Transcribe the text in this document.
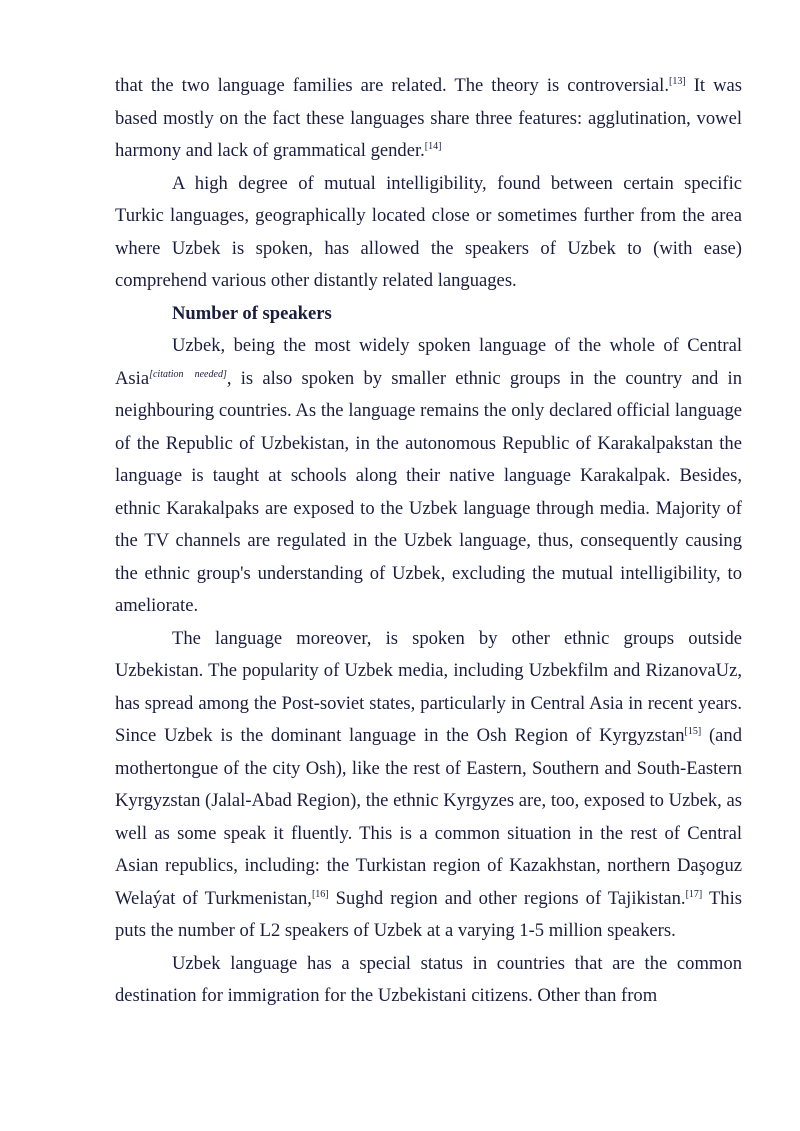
that the two language families are related. The theory is controversial.[13] It was based mostly on the fact these languages share three features: agglutination, vowel harmony and lack of grammatical gender.[14]

A high degree of mutual intelligibility, found between certain specific Turkic languages, geographically located close or sometimes further from the area where Uzbek is spoken, has allowed the speakers of Uzbek to (with ease) comprehend various other distantly related languages.

Number of speakers

Uzbek, being the most widely spoken language of the whole of Central Asia[citation needed], is also spoken by smaller ethnic groups in the country and in neighbouring countries. As the language remains the only declared official language of the Republic of Uzbekistan, in the autonomous Republic of Karakalpakstan the language is taught at schools along their native language Karakalpak. Besides, ethnic Karakalpaks are exposed to the Uzbek language through media. Majority of the TV channels are regulated in the Uzbek language, thus, consequently causing the ethnic group's understanding of Uzbek, excluding the mutual intelligibility, to ameliorate.

The language moreover, is spoken by other ethnic groups outside Uzbekistan. The popularity of Uzbek media, including Uzbekfilm and RizanovaUz, has spread among the Post-soviet states, particularly in Central Asia in recent years. Since Uzbek is the dominant language in the Osh Region of Kyrgyzstan[15] (and mothertongue of the city Osh), like the rest of Eastern, Southern and South-Eastern Kyrgyzstan (Jalal-Abad Region), the ethnic Kyrgyzes are, too, exposed to Uzbek, as well as some speak it fluently. This is a common situation in the rest of Central Asian republics, including: the Turkistan region of Kazakhstan, northern Daşoguz Welaýat of Turkmenistan,[16] Sughd region and other regions of Tajikistan.[17] This puts the number of L2 speakers of Uzbek at a varying 1-5 million speakers.

Uzbek language has a special status in countries that are the common destination for immigration for the Uzbekistani citizens. Other than from
